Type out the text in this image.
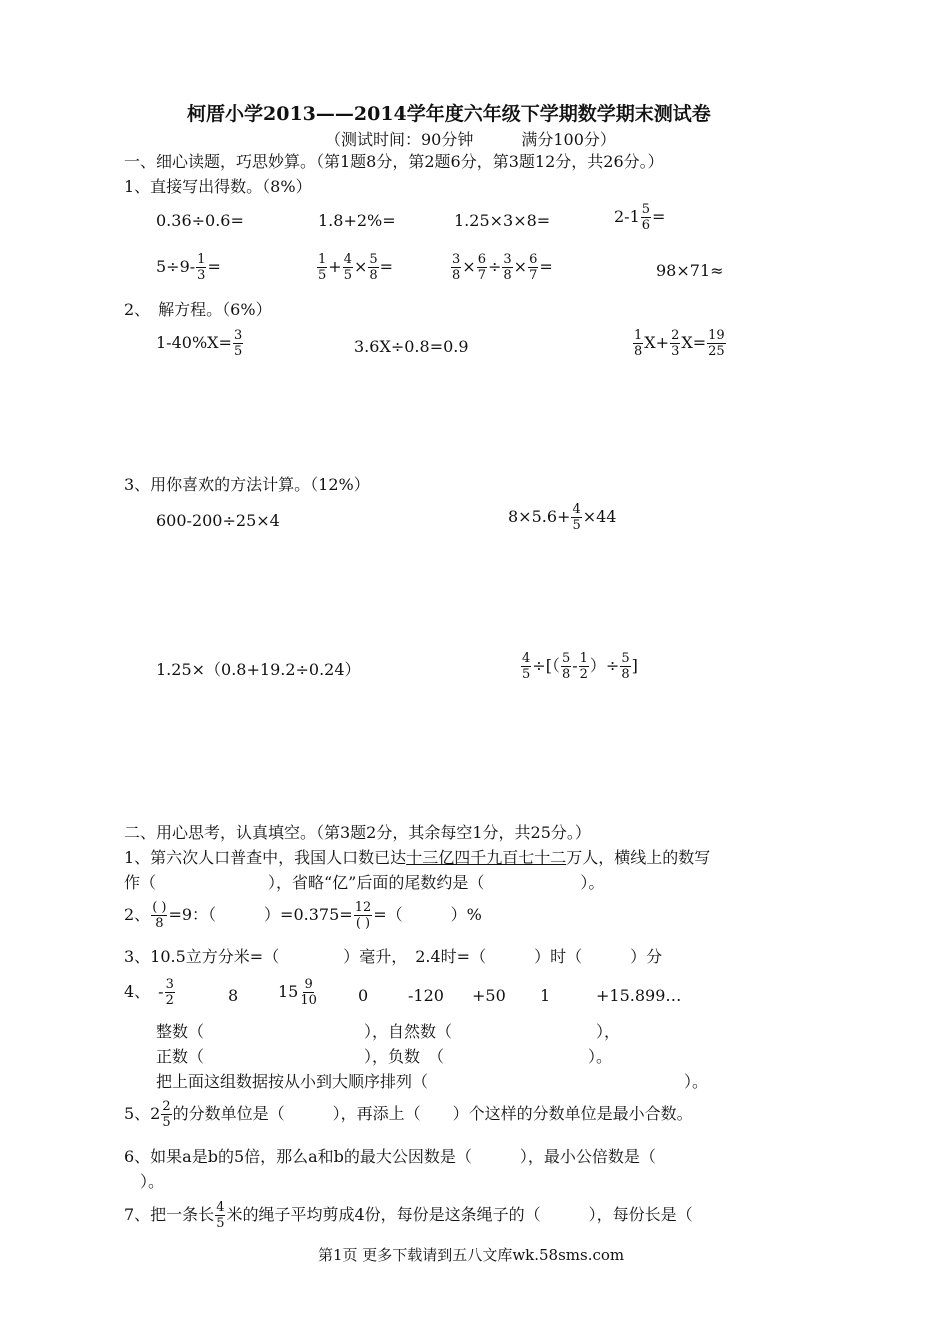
柯厝小学2013——2014学年度六年级下学期数学期末测试卷
（测试时间：90分钟　　　满分100分）
一、细心读题，巧思妙算。（第1题8分，第2题6分，第3题12分，共26分。）
1、直接写出得数。（8%）
0.36÷0.6=	1.8+2%=	1.25×3×8=	$2-1 \frac{5}{6}$ =
$5\div 9- \frac{1}{3}$ =	$\frac{1}{5} + \frac{4}{5} \times \frac{5}{8}$ =	$\frac{3}{8} \times \frac{6}{7} \div \frac{3}{8} \times \frac{6}{7}$ =	98×71≈
2、　解方程。（6%）
$1-40\%X= \frac{3}{5}$	3.6X÷0.8=0.9	$\frac{1}{8} X+ \frac{2}{3} X= \frac{19}{25}$
3、用你喜欢的方法计算。（12%）
600-200÷25×4	$8\times 5.6+ \frac{4}{5} \times 44$
1.25×（0.8+19.2÷0.24）	$\frac{4}{5}$ ÷[（ $\frac{5}{8} - \frac{1}{2}$ ）÷ $\frac{5}{8}$ ]
二、用心思考，认真填空。（第3题2分，其余每空1分，共25分。）
1、第六次人口普查中，我国人口数已达十三亿四千九百七十二万人，横线上的数写
作（　　　　　　　），省略“亿”后面的尾数约是（　　　　　　）。
2、 $\frac{( )}{8} =9$：（　　　）$=0.375= \frac{12}{( )}$ =（　　　）%
3、10.5立方分米=（　　　　）毫升，　2.4时=（　　　）时（　　　）分
4、　- $\frac{3}{2}$	8 $15 \frac{9}{10}$	0 -120 +50 1	+15.899…
整数（　　　　　　　　　　），自然数（　　　　　　　　　），
正数（　　　　　　　　　　），负数　（　　　　　　　　　）。
把上面这组数据按从小到大顺序排列（　　　　　　　　　　　　　　　　）。
5、$2 \frac{2}{5}$ 的分数单位是（　　　），再添上（　　）个这样的分数单位是最小合数。
6、如果a是b的5倍，那么a和b的最大公因数是（　　　），最小公倍数是（
）。
7、把一条长 $\frac{4}{5}$ 米的绳子平均剪成4份，每份是这条绳子的（　　　），每份长是（
第1页 更多下载请到五八文库wk.58sms.com
